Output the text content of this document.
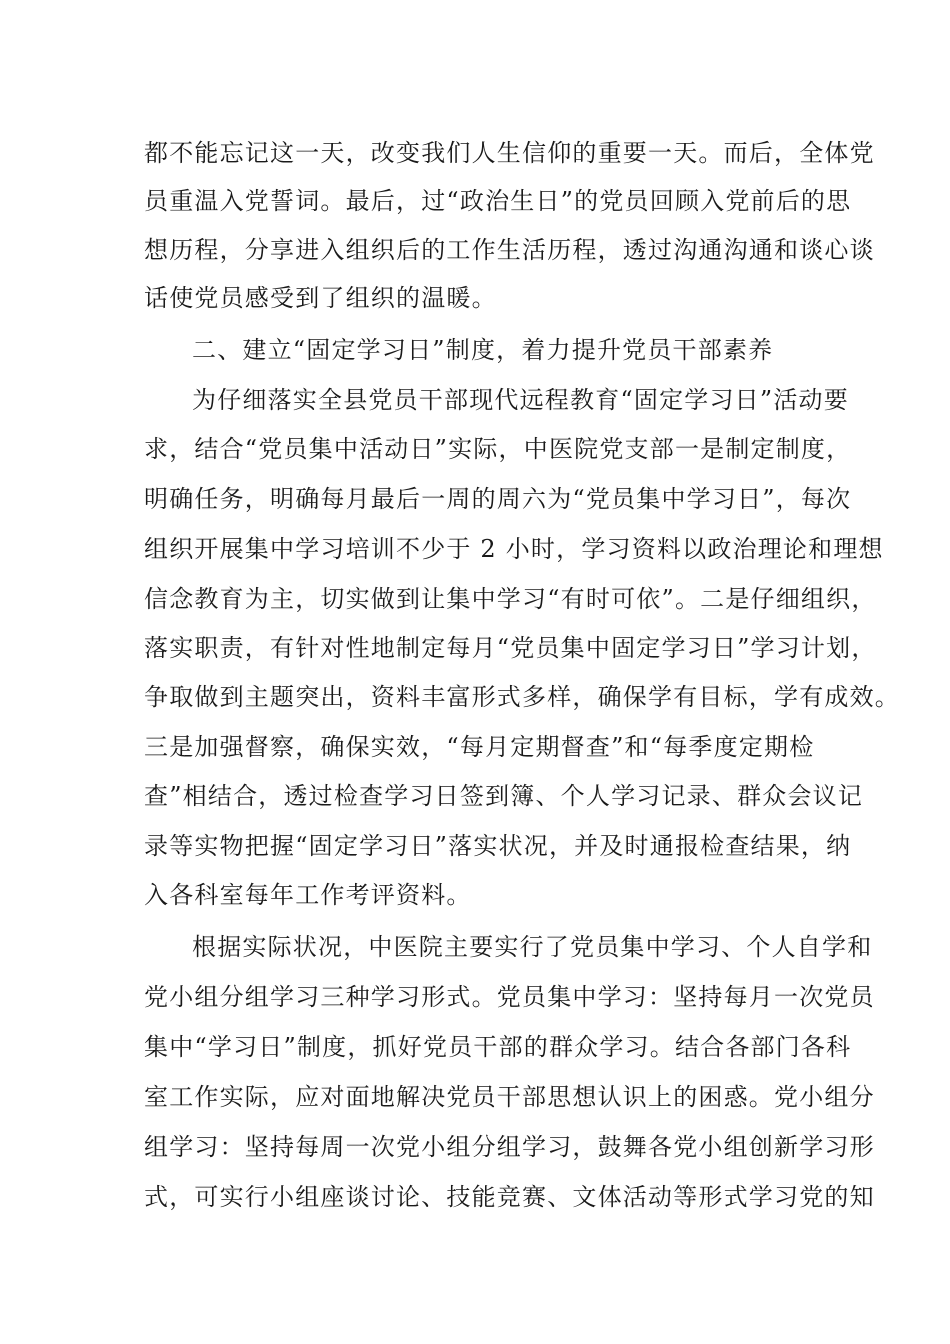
都不能忘记这一天，改变我们人生信仰的重要一天。而后，全体党
员重温入党誓词。最后，过“政治生日”的党员回顾入党前后的思
想历程，分享进入组织后的工作生活历程，透过沟通沟通和谈心谈
话使党员感受到了组织的温暖。
二、建立“固定学习日”制度，着力提升党员干部素养
为仔细落实全县党员干部现代远程教育“固定学习日”活动要
求，结合“党员集中活动日”实际，中医院党支部一是制定制度，
明确任务，明确每月最后一周的周六为“党员集中学习日”，每次
组织开展集中学习培训不少于 2 小时，学习资料以政治理论和理想
信念教育为主，切实做到让集中学习“有时可依”。二是仔细组织，
落实职责，有针对性地制定每月“党员集中固定学习日”学习计划，
争取做到主题突出，资料丰富形式多样，确保学有目标，学有成效。
三是加强督察，确保实效，“每月定期督查”和“每季度定期检
查”相结合，透过检查学习日签到簿、个人学习记录、群众会议记
录等实物把握“固定学习日”落实状况，并及时通报检查结果，纳
入各科室每年工作考评资料。
根据实际状况，中医院主要实行了党员集中学习、个人自学和
党小组分组学习三种学习形式。党员集中学习：坚持每月一次党员
集中“学习日”制度，抓好党员干部的群众学习。结合各部门各科
室工作实际，应对面地解决党员干部思想认识上的困惑。党小组分
组学习：坚持每周一次党小组分组学习，鼓舞各党小组创新学习形
式，可实行小组座谈讨论、技能竞赛、文体活动等形式学习党的知
